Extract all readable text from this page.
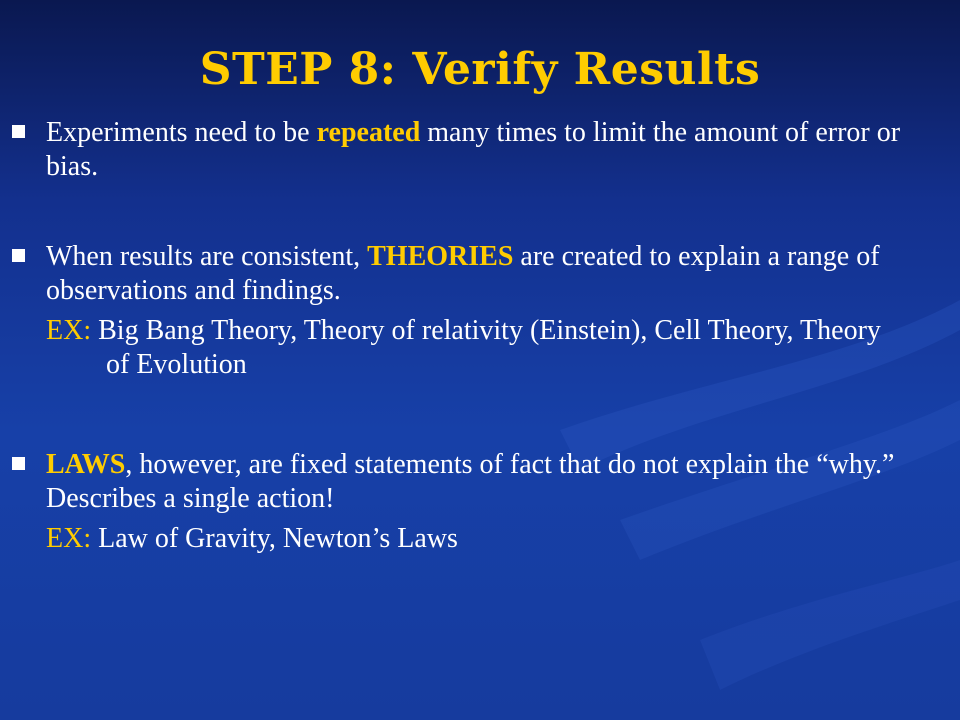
STEP 8: Verify Results
Experiments need to be repeated many times to limit the amount of error or bias.
When results are consistent, THEORIES are created to explain a range of observations and findings.
EX: Big Bang Theory, Theory of relativity (Einstein), Cell Theory, Theory of Evolution
LAWS, however, are fixed statements of fact that do not explain the “why.” Describes a single action!
EX: Law of Gravity, Newton’s Laws
